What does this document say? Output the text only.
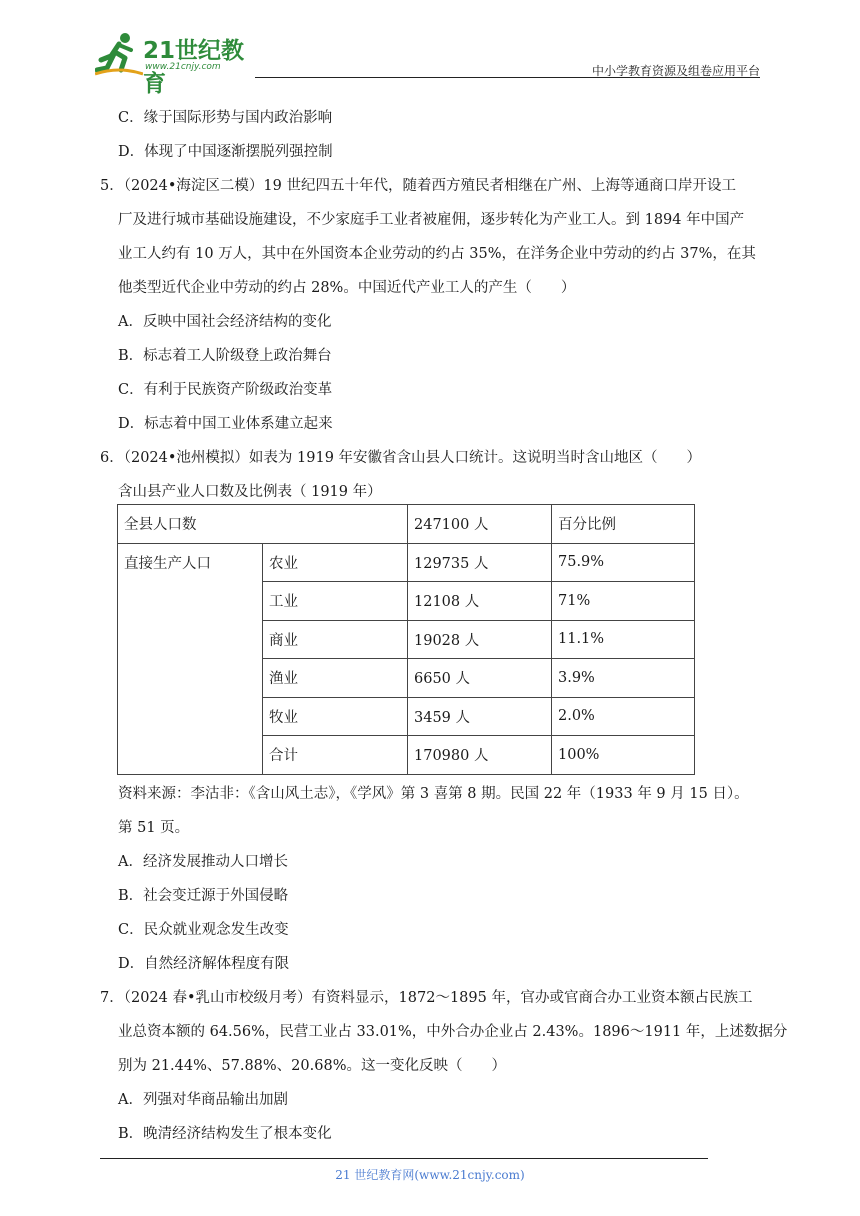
21世纪教育
www.21cnjy.com	中小学教育资源及组卷应用平台
C．缘于国际形势与国内政治影响
D．体现了中国逐渐摆脱列强控制
5．（2024•海淀区二模）19 世纪四五十年代，随着西方殖民者相继在广州、上海等通商口岸开设工
厂及进行城市基础设施建设，不少家庭手工业者被雇佣，逐步转化为产业工人。到 1894 年中国产
业工人约有 10 万人，其中在外国资本企业劳动的约占 35%，在洋务企业中劳动的约占 37%，在其
他类型近代企业中劳动的约占 28%。中国近代产业工人的产生（　　）
A．反映中国社会经济结构的变化
B．标志着工人阶级登上政治舞台
C．有利于民族资产阶级政治变革
D．标志着中国工业体系建立起来
6．（2024•池州模拟）如表为 1919 年安徽省含山县人口统计。这说明当时含山地区（　　）
含山县产业人口数及比例表（ 1919 年）
全县人口数		247100 人	百分比例
直接生产人口	农业	129735 人	75.9%
	工业	12108 人	71%
	商业	19028 人	11.1%
	渔业	6650 人	3.9%
	牧业	3459 人	2.0%
	合计	170980 人	100%
资料来源：李沽非：《含山风土志》，《学风》第 3 喜第 8 期。民国 22 年（1933 年 9 月 15 日）。
第 51 页。
A．经济发展推动人口增长
B．社会变迁源于外国侵略
C．民众就业观念发生改变
D．自然经济解体程度有限
7．（2024 春•乳山市校级月考）有资料显示，1872～1895 年，官办或官商合办工业资本额占民族工
业总资本额的 64.56%，民营工业占 33.01%，中外合办企业占 2.43%。1896～1911 年，上述数据分
别为 21.44%、57.88%、20.68%。这一变化反映（　　）
A．列强对华商品输出加剧
B．晚清经济结构发生了根本变化
21 世纪教育网(www.21cnjy.com)
